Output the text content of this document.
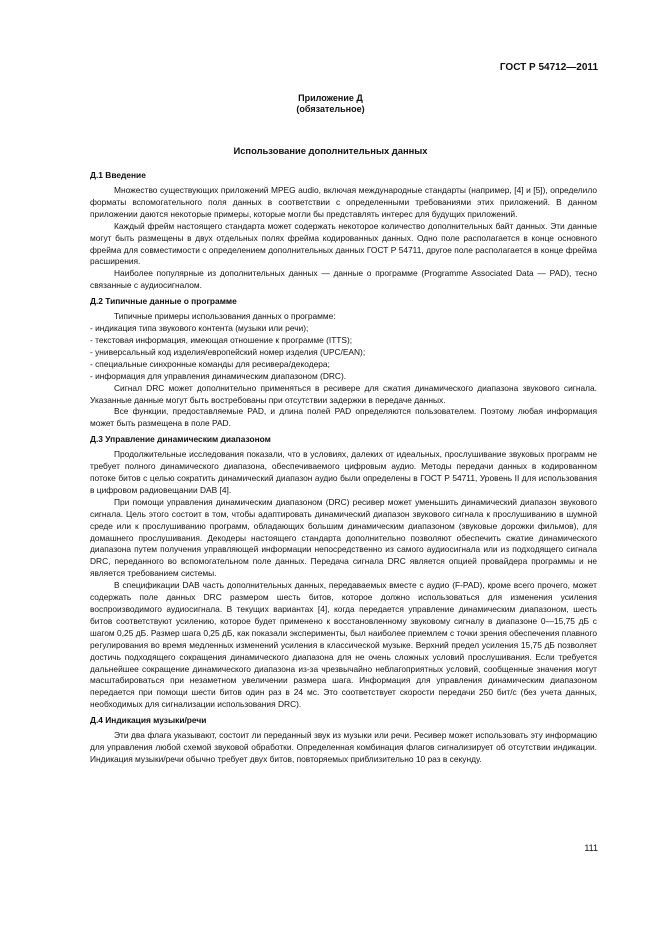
ГОСТ Р 54712—2011
Приложение Д
(обязательное)
Использование дополнительных данных
Д.1 Введение

Множество существующих приложений MPEG audio, включая международные стандарты (например, [4] и [5]), определило форматы вспомогательного поля данных в соответствии с определенными требованиями этих приложений. В данном приложении даются некоторые примеры, которые могли бы представлять интерес для будущих приложений.

Каждый фрейм настоящего стандарта может содержать некоторое количество дополнительных байт данных. Эти данные могут быть размещены в двух отдельных полях фрейма кодированных данных. Одно поле располагается в конце основного фрейма для совместимости с определением дополнительных данных ГОСТ Р 54711, другое поле располагается в конце фрейма расширения.

Наиболее популярные из дополнительных данных — данные о программе (Programme Associated Data — PAD), тесно связанные с аудиосигналом.

Д.2 Типичные данные о программе

Типичные примеры использования данных о программе:

- индикация типа звукового контента (музыки или речи);

- текстовая информация, имеющая отношение к программе (ITTS);

- универсальный код изделия/европейский номер изделия (UPC/EAN);

- специальные синхронные команды для ресивера/декодера;

- информация для управления динамическим диапазоном (DRC).

Сигнал DRC может дополнительно применяться в ресивере для сжатия динамического диапазона звукового сигнала. Указанные данные могут быть востребованы при отсутствии задержки в передаче данных.

Все функции, предоставляемые PAD, и длина полей PAD определяются пользователем. Поэтому любая информация может быть размещена в поле PAD.

Д.3 Управление динамическим диапазоном

Продолжительные исследования показали, что в условиях, далеких от идеальных, прослушивание звуковых программ не требует полного динамического диапазона, обеспечиваемого цифровым аудио. Методы передачи данных в кодированном потоке битов с целью сократить динамический диапазон аудио были определены в ГОСТ Р 54711, Уровень II для использования в цифровом радиовещании DAB [4].

При помощи управления динамическим диапазоном (DRC) ресивер может уменьшить динамический диапазон звукового сигнала. Цель этого состоит в том, чтобы адаптировать динамический диапазон звукового сигнала к прослушиванию в шумной среде или к прослушиванию программ, обладающих большим динамическим диапазоном (звуковые дорожки фильмов), для домашнего прослушивания. Декодеры настоящего стандарта дополнительно позволяют обеспечить сжатие динамического диапазона путем получения управляющей информации непосредственно из самого аудиосигнала или из подходящего сигнала DRC, переданного во вспомогательном поле данных. Передача сигнала DRC является опцией провайдера программы и не является требованием системы.

В спецификации DAB часть дополнительных данных, передаваемых вместе с аудио (F-PAD), кроме всего прочего, может содержать поле данных DRC размером шесть битов, которое должно использоваться для изменения усиления воспроизводимого аудиосигнала. В текущих вариантах [4], когда передается управление динамическим диапазоном, шесть битов соответствуют усилению, которое будет применено к восстановленному звуковому сигналу в диапазоне 0—15,75 дБ с шагом 0,25 дБ. Размер шага 0,25 дБ, как показали эксперименты, был наиболее приемлем с точки зрения обеспечения плавного регулирования во время медленных изменений усиления в классической музыке. Верхний предел усиления 15,75 дБ позволяет достичь подходящего сокращения динамического диапазона для не очень сложных условий прослушивания. Если требуется дальнейшее сокращение динамического диапазона из-за чрезвычайно неблагоприятных условий, сообщенные значения могут масштабироваться при незаметном увеличении размера шага. Информация для управления динамическим диапазоном передается при помощи шести битов один раз в 24 мс. Это соответствует скорости передачи 250 бит/с (без учета данных, необходимых для сигнализации использования DRC).

Д.4 Индикация музыки/речи

Эти два флага указывают, состоит ли переданный звук из музыки или речи. Ресивер может использовать эту информацию для управления любой схемой звуковой обработки. Определенная комбинация флагов сигнализирует об отсутствии индикации. Индикация музыки/речи обычно требует двух битов, повторяемых приблизительно 10 раз в секунду.

111
